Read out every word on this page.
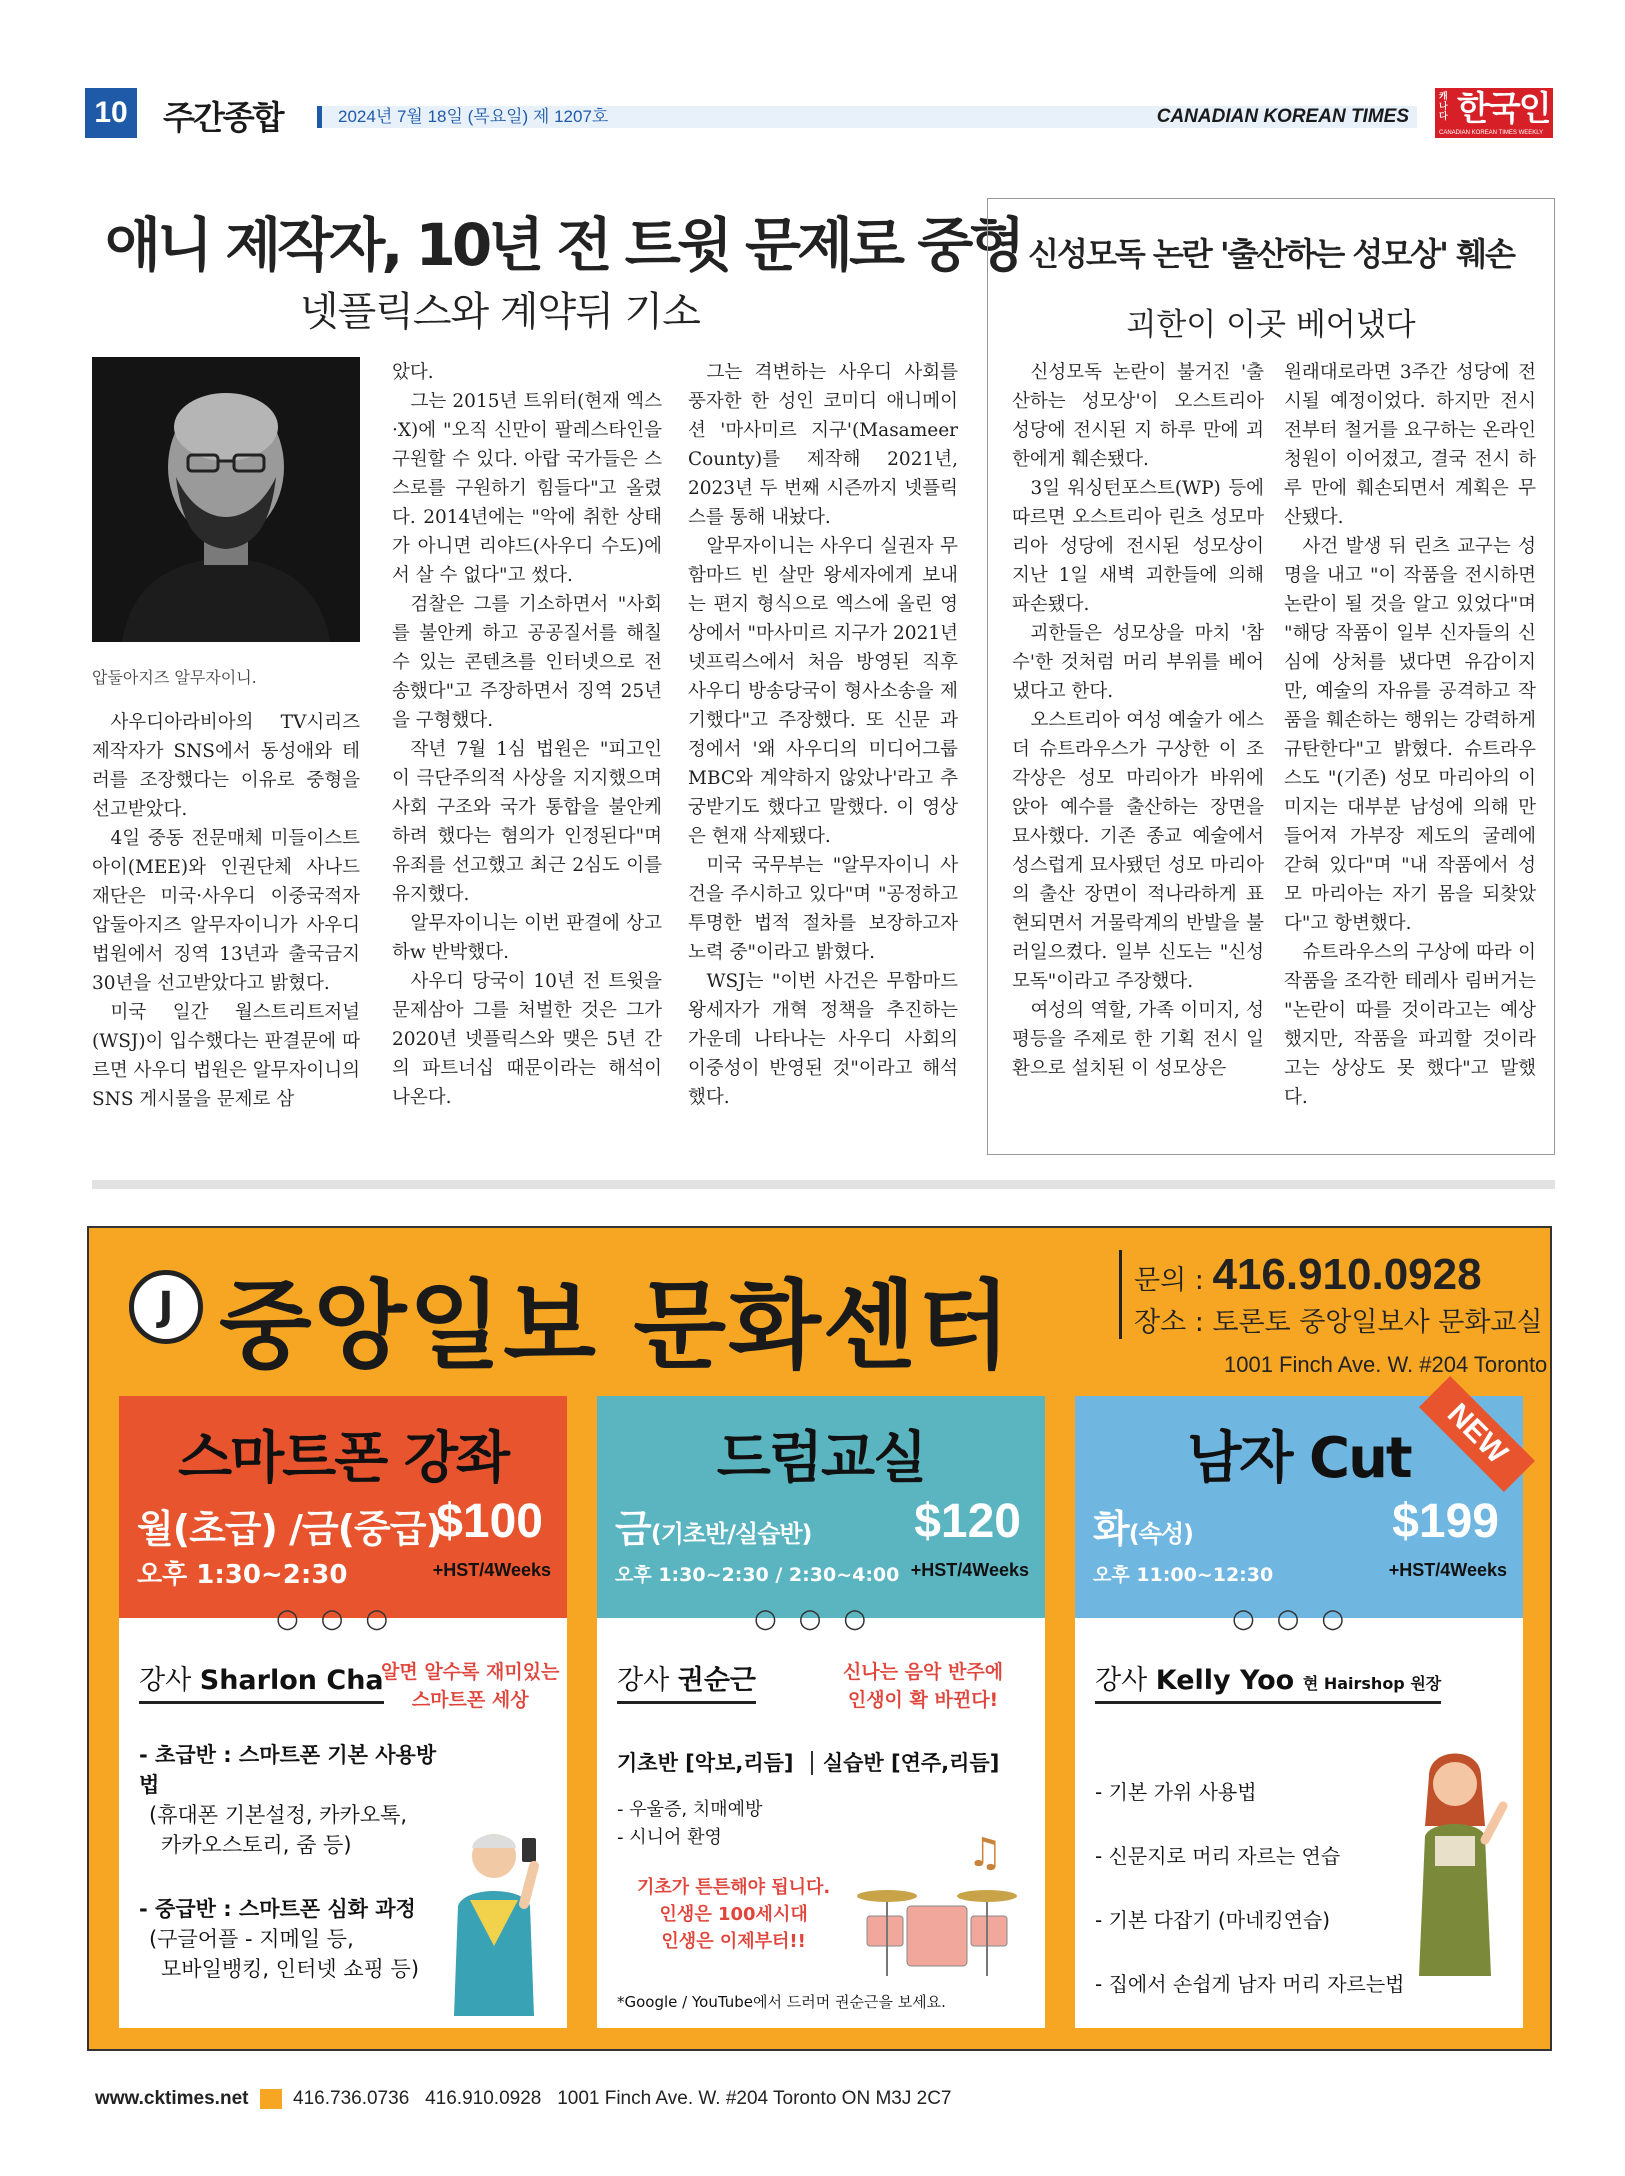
10 주간종합	2024년 7월 18일 (목요일) 제 1207호	CANADIAN KOREAN TIMES
캐나다 한국인
CANADIAN KOREAN TIMES WEEKLY
애니 제작자, 10년 전 트윗 문제로 중형
넷플릭스와 계약뒤 기소
압둘아지즈 알무자이니.

사우디아라비아의 TV시리즈 제작자가 SNS에서 동성애와 테러를 조장했다는 이유로 중형을 선고받았다.

4일 중동 전문매체 미들이스트아이(MEE)와 인권단체 사나드 재단은 미국·사우디 이중국적자 압둘아지즈 알무자이니가 사우디 법원에서 징역 13년과 출국금지 30년을 선고받았다고 밝혔다.

미국 일간 월스트리트저널(WSJ)이 입수했다는 판결문에 따르면 사우디 법원은 알무자이니의 SNS 게시물을 문제로 삼

았다.

그는 2015년 트위터(현재 엑스·X)에 "오직 신만이 팔레스타인을 구원할 수 있다. 아랍 국가들은 스스로를 구원하기 힘들다"고 올렸다. 2014년에는 "악에 취한 상태가 아니면 리야드(사우디 수도)에서 살 수 없다"고 썼다.

검찰은 그를 기소하면서 "사회를 불안케 하고 공공질서를 해칠 수 있는 콘텐츠를 인터넷으로 전송했다"고 주장하면서 징역 25년을 구형했다.

작년 7월 1심 법원은 "피고인이 극단주의적 사상을 지지했으며 사회 구조와 국가 통합을 불안케 하려 했다는 혐의가 인정된다"며 유죄를 선고했고 최근 2심도 이를 유지했다.

알무자이니는 이번 판결에 상고하w 반박했다.

사우디 당국이 10년 전 트윗을 문제삼아 그를 처벌한 것은 그가 2020년 넷플릭스와 맺은 5년 간의 파트너십 때문이라는 해석이 나온다.

그는 격변하는 사우디 사회를 풍자한 한 성인 코미디 애니메이션 '마사미르 지구'(Masameer County)를 제작해 2021년, 2023년 두 번째 시즌까지 넷플릭스를 통해 내놨다.

알무자이니는 사우디 실권자 무함마드 빈 살만 왕세자에게 보내는 편지 형식으로 엑스에 올린 영상에서 "마사미르 지구가 2021년 넷프릭스에서 처음 방영된 직후 사우디 방송당국이 형사소송을 제기했다"고 주장했다. 또 신문 과정에서 '왜 사우디의 미디어그룹 MBC와 계약하지 않았나'라고 추궁받기도 했다고 말했다. 이 영상은 현재 삭제됐다.

미국 국무부는 "알무자이니 사건을 주시하고 있다"며 "공정하고 투명한 법적 절차를 보장하고자 노력 중"이라고 밝혔다.

WSJ는 "이번 사건은 무함마드 왕세자가 개혁 정책을 추진하는 가운데 나타나는 사우디 사회의 이중성이 반영된 것"이라고 해석했다.

신성모독 논란 '출산하는 성모상' 훼손
괴한이 이곳 베어냈다

신성모독 논란이 불거진 '출산하는 성모상'이 오스트리아 성당에 전시된 지 하루 만에 괴한에게 훼손됐다.

3일 워싱턴포스트(WP) 등에 따르면 오스트리아 린츠 성모마리아 성당에 전시된 성모상이 지난 1일 새벽 괴한들에 의해 파손됐다.

괴한들은 성모상을 마치 '참수'한 것처럼 머리 부위를 베어냈다고 한다.

오스트리아 여성 예술가 에스더 슈트라우스가 구상한 이 조각상은 성모 마리아가 바위에 앉아 예수를 출산하는 장면을 묘사했다. 기존 종교 예술에서 성스럽게 묘사됐던 성모 마리아의 출산 장면이 적나라하게 표현되면서 거물락계의 반발을 불러일으켰다. 일부 신도는 "신성 모독"이라고 주장했다.

여성의 역할, 가족 이미지, 성평등을 주제로 한 기획 전시 일환으로 설치된 이 성모상은

원래대로라면 3주간 성당에 전시될 예정이었다. 하지만 전시 전부터 철거를 요구하는 온라인 청원이 이어졌고, 결국 전시 하루 만에 훼손되면서 계획은 무산됐다.

사건 발생 뒤 린츠 교구는 성명을 내고 "이 작품을 전시하면 논란이 될 것을 알고 있었다"며 "해당 작품이 일부 신자들의 신심에 상처를 냈다면 유감이지만, 예술의 자유를 공격하고 작품을 훼손하는 행위는 강력하게 규탄한다"고 밝혔다. 슈트라우스도 "(기존) 성모 마리아의 이미지는 대부분 남성에 의해 만들어져 가부장 제도의 굴레에 갇혀 있다"며 "내 작품에서 성모 마리아는 자기 몸을 되찾았다"고 항변했다.

슈트라우스의 구상에 따라 이 작품을 조각한 테레사 림버거는 "논란이 따를 것이라고는 예상했지만, 작품을 파괴할 것이라고는 상상도 못 했다"고 말했다.

J 중앙일보 문화센터	문의 : 416.910.0928
장소 : 토론토 중앙일보사 문화교실
1001 Finch Ave. W. #204 Toronto
스마트폰 강좌
월(초급) /금(중급)
$100
오후 1:30~2:30	+HST/4Weeks
○○○
강사 Sharlon Cha
알면 알수록 재미있는
스마트폰 세상
- 초급반 : 스마트폰 기본 사용방법
(휴대폰 기본설정, 카카오톡,
카카오스토리, 줌 등)
- 중급반 : 스마트폰 심화 과정
(구글어플 - 지메일 등,
모바일뱅킹, 인터넷 쇼핑 등)
드럼교실
금(기초반/실습반) $120
오후 1:30~2:30 / 2:30~4:00 +HST/4Weeks
○○○
강사 권순근	신나는 음악 반주에
인생이 확 바뀐다!
기초반 [악보,리듬] 실습반 [연주,리듬]
- 우울증, 치매예방
- 시니어 환영
기초가 튼튼해야 됩니다.
인생은 100세시대
인생은 이제부터!!
*Google / YouTube에서 드러머 권순근을 보세요.
♫
남자 Cut
화(속성)	$199
오후 11:00~12:30	+HST/4Weeks
NEW
○○○
강사 Kelly Yoo 현 Hairshop 원장
- 기본 가위 사용법
- 신문지로 머리 자르는 연습
- 기본 다잡기 (마네킹연습)
- 집에서 손쉽게 남자 머리 자르는법
www.cktimes.net 416.736.0736 416.910.0928 1001 Finch Ave. W. #204 Toronto ON M3J 2C7
